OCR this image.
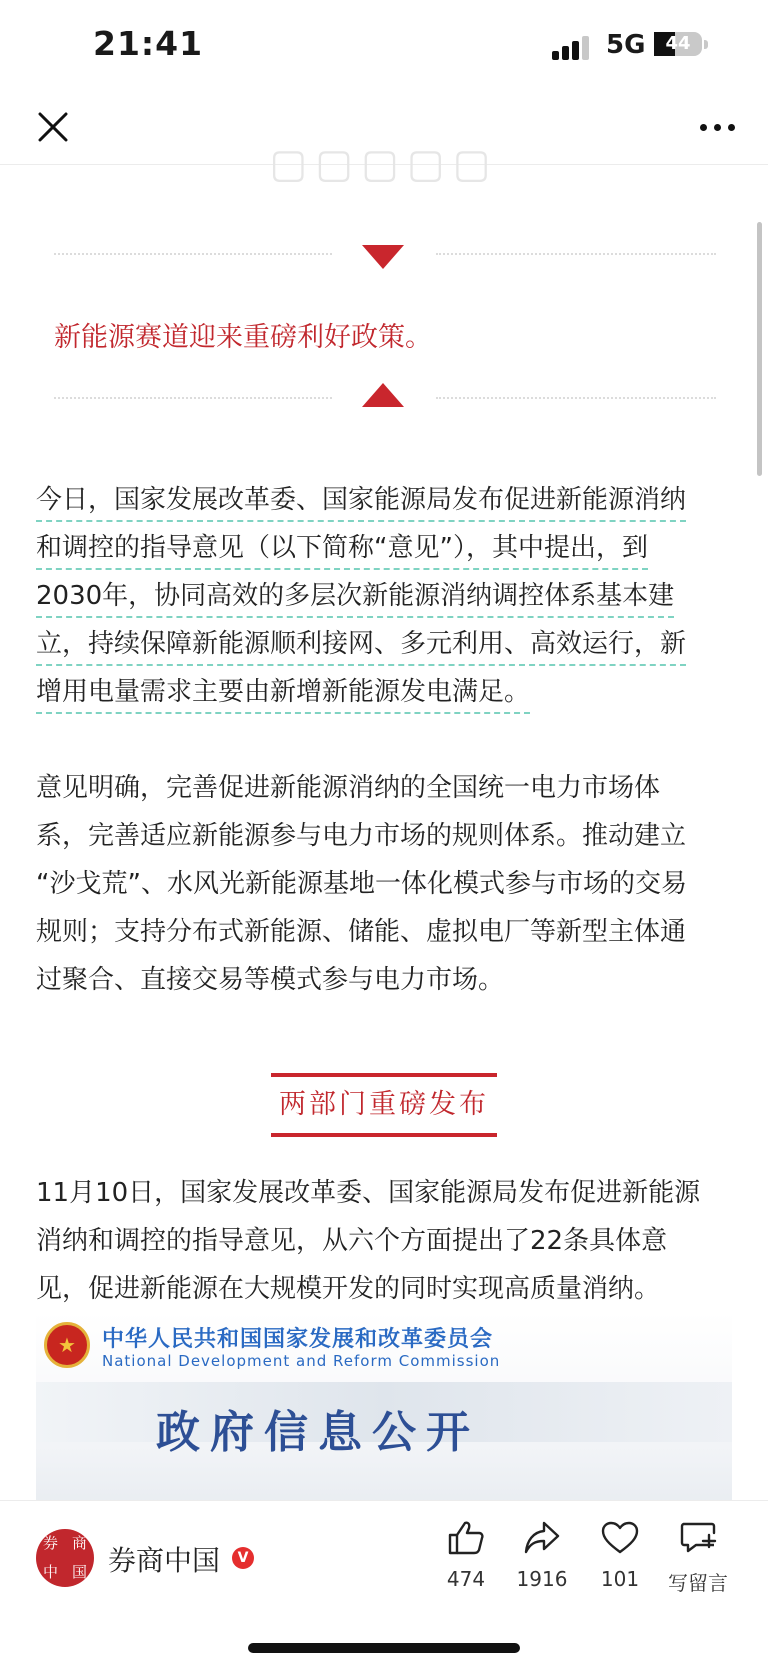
21:41	5G	44
▢▢▢▢▢
新能源赛道迎来重磅利好政策。
今日，国家发展改革委、国家能源局发布促进新能源消纳
和调控的指导意见（以下简称“意见”），其中提出，到
2030年，协同高效的多层次新能源消纳调控体系基本建
立，持续保障新能源顺利接网、多元利用、高效运行，新
增用电量需求主要由新增新能源发电满足。
意见明确，完善促进新能源消纳的全国统一电力市场体
系，完善适应新能源参与电力市场的规则体系。推动建立
“沙戈荒”、水风光新能源基地一体化模式参与市场的交易
规则；支持分布式新能源、储能、虚拟电厂等新型主体通
过聚合、直接交易等模式参与电力市场。
两部门重磅发布
11月10日，国家发展改革委、国家能源局发布促进新能源
消纳和调控的指导意见，从六个方面提出了22条具体意
见，促进新能源在大规模开发的同时实现高质量消纳。
★	中华人民共和国国家发展和改革委员会
National Development and Reform Commission
政府信息公开
券 商
中 国 券商中国	V
474	1916	101	写留言
